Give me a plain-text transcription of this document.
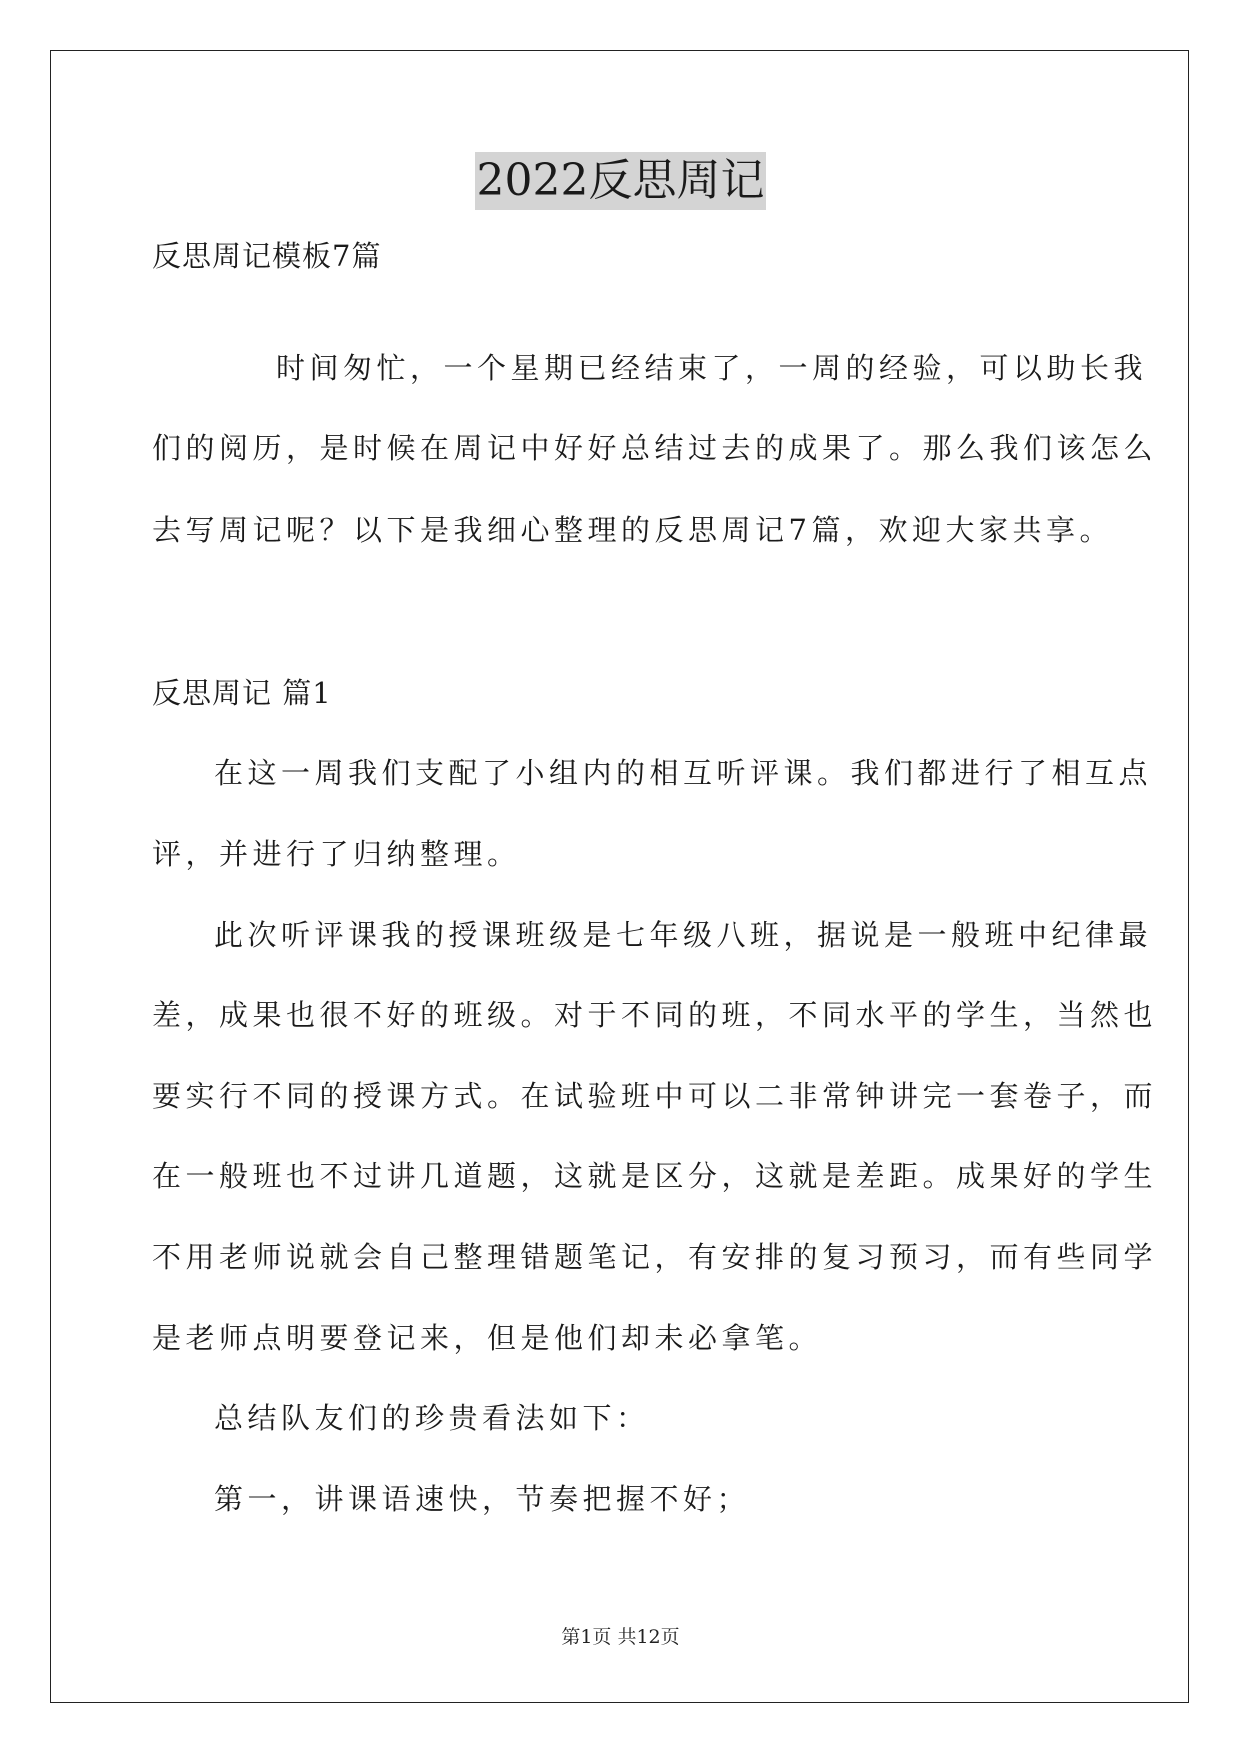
2022反思周记
反思周记模板7篇
时间匆忙，一个星期已经结束了，一周的经验，可以助长我
们的阅历，是时候在周记中好好总结过去的成果了。那么我们该怎么
去写周记呢？以下是我细心整理的反思周记7篇，欢迎大家共享。
反思周记 篇1
在这一周我们支配了小组内的相互听评课。我们都进行了相互点
评，并进行了归纳整理。
此次听评课我的授课班级是七年级八班，据说是一般班中纪律最
差，成果也很不好的班级。对于不同的班，不同水平的学生，当然也
要实行不同的授课方式。在试验班中可以二非常钟讲完一套卷子，而
在一般班也不过讲几道题，这就是区分，这就是差距。成果好的学生
不用老师说就会自己整理错题笔记，有安排的复习预习，而有些同学
是老师点明要登记来，但是他们却未必拿笔。
总结队友们的珍贵看法如下：
第一，讲课语速快，节奏把握不好；
第1页 共12页
